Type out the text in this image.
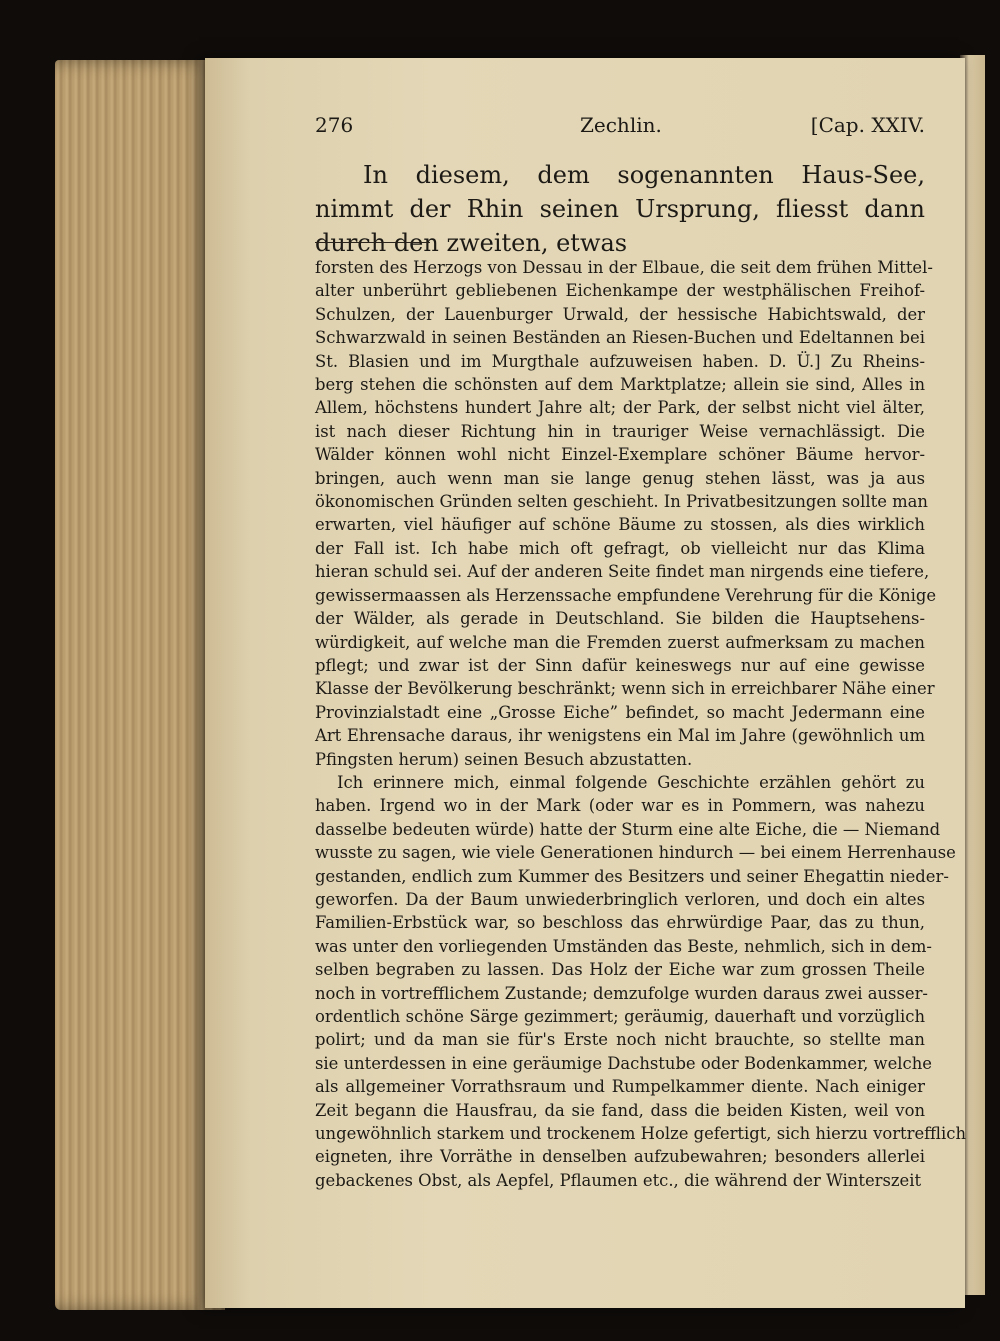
276	Zechlin.	[Cap. XXIV.
In diesem, dem sogenannten Haus-See, nimmt der Rhin seinen Ursprung, fliesst dann durch den zweiten, etwas
forsten des Herzogs von Dessau in der Elbaue, die seit dem frühen Mittel-
alter unberührt gebliebenen Eichenkampe der westphälischen Freihof-
Schulzen, der Lauenburger Urwald, der hessische Habichtswald, der
Schwarzwald in seinen Beständen an Riesen-Buchen und Edeltannen bei
St. Blasien und im Murgthale aufzuweisen haben. D. Ü.] Zu Rheins-
berg stehen die schönsten auf dem Marktplatze; allein sie sind, Alles in
Allem, höchstens hundert Jahre alt; der Park, der selbst nicht viel älter,
ist nach dieser Richtung hin in trauriger Weise vernachlässigt. Die
Wälder können wohl nicht Einzel-Exemplare schöner Bäume hervor-
bringen, auch wenn man sie lange genug stehen lässt, was ja aus
ökonomischen Gründen selten geschieht. In Privatbesitzungen sollte man
erwarten, viel häufiger auf schöne Bäume zu stossen, als dies wirklich
der Fall ist. Ich habe mich oft gefragt, ob vielleicht nur das Klima
hieran schuld sei. Auf der anderen Seite findet man nirgends eine tiefere,
gewissermaassen als Herzenssache empfundene Verehrung für die Könige
der Wälder, als gerade in Deutschland. Sie bilden die Hauptsehens-
würdigkeit, auf welche man die Fremden zuerst aufmerksam zu machen
pflegt; und zwar ist der Sinn dafür keineswegs nur auf eine gewisse
Klasse der Bevölkerung beschränkt; wenn sich in erreichbarer Nähe einer
Provinzialstadt eine „Grosse Eiche” befindet, so macht Jedermann eine
Art Ehrensache daraus, ihr wenigstens ein Mal im Jahre (gewöhnlich um
Pfingsten herum) seinen Besuch abzustatten.
Ich erinnere mich, einmal folgende Geschichte erzählen gehört zu
haben. Irgend wo in der Mark (oder war es in Pommern, was nahezu
dasselbe bedeuten würde) hatte der Sturm eine alte Eiche, die — Niemand
wusste zu sagen, wie viele Generationen hindurch — bei einem Herrenhause
gestanden, endlich zum Kummer des Besitzers und seiner Ehegattin nieder-
geworfen. Da der Baum unwiederbringlich verloren, und doch ein altes
Familien-Erbstück war, so beschloss das ehrwürdige Paar, das zu thun,
was unter den vorliegenden Umständen das Beste, nehmlich, sich in dem-
selben begraben zu lassen. Das Holz der Eiche war zum grossen Theile
noch in vortrefflichem Zustande; demzufolge wurden daraus zwei ausser-
ordentlich schöne Särge gezimmert; geräumig, dauerhaft und vorzüglich
polirt; und da man sie für's Erste noch nicht brauchte, so stellte man
sie unterdessen in eine geräumige Dachstube oder Bodenkammer, welche
als allgemeiner Vorrathsraum und Rumpelkammer diente. Nach einiger
Zeit begann die Hausfrau, da sie fand, dass die beiden Kisten, weil von
ungewöhnlich starkem und trockenem Holze gefertigt, sich hierzu vortrefflich
eigneten, ihre Vorräthe in denselben aufzubewahren; besonders allerlei
gebackenes Obst, als Aepfel, Pflaumen etc., die während der Winterszeit
